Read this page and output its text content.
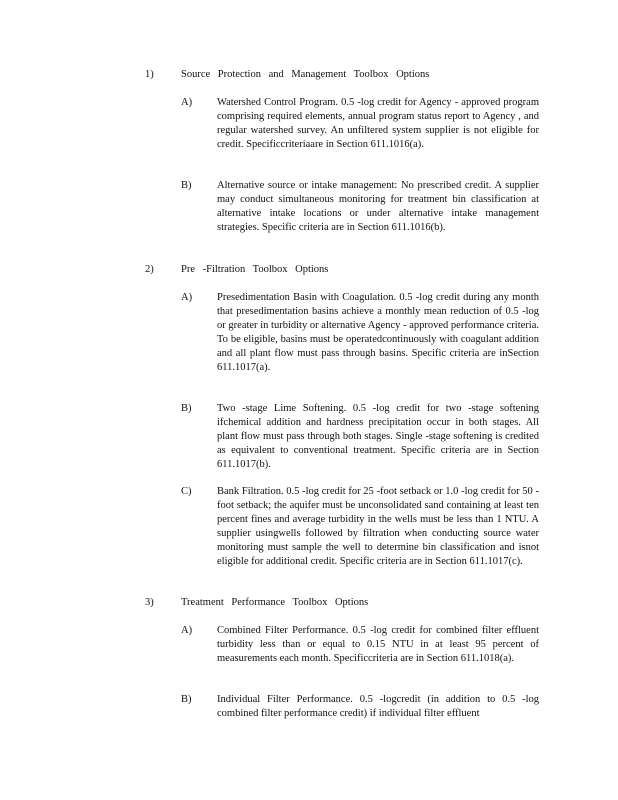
1)	Source Protection and Management Toolbox Options
A) Watershed Control Program. 0.5 -log credit for Agency - approved program comprising required elements, annual program status report to Agency , and regular watershed survey. An unfiltered system supplier is not eligible for credit. Specificcriteriaare in Section 611.1016(a).
B) Alternative source or intake management: No prescribed credit. A supplier may conduct simultaneous monitoring for treatment bin classification at alternative intake locations or under alternative intake management strategies. Specific criteria are in Section 611.1016(b).
2)	Pre -Filtration Toolbox Options
A) Presedimentation Basin with Coagulation. 0.5 -log credit during any month that presedimentation basins achieve a monthly mean reduction of 0.5 -log or greater in turbidity or alternative Agency - approved performance criteria. To be eligible, basins must be operatedcontinuously with coagulant addition and all plant flow must pass through basins. Specific criteria are inSection 611.1017(a).
B) Two -stage Lime Softening. 0.5 -log credit for two -stage softening ifchemical addition and hardness precipitation occur in both stages. All plant flow must pass through both stages. Single -stage softening is credited as equivalent to conventional treatment. Specific criteria are in Section 611.1017(b).
C) Bank Filtration. 0.5 -log credit for 25 -foot setback or 1.0 -log credit for 50 -foot setback; the aquifer must be unconsolidated sand containing at least ten percent fines and average turbidity in the wells must be less than 1 NTU. A supplier usingwells followed by filtration when conducting source water monitoring must sample the well to determine bin classification and isnot eligible for additional credit. Specific criteria are in Section 611.1017(c).
3)	Treatment Performance Toolbox Options
A) Combined Filter Performance. 0.5 -log credit for combined filter effluent turbidity less than or equal to 0.15 NTU in at least 95 percent of measurements each month. Specificcriteria are in Section 611.1018(a).
B) Individual Filter Performance. 0.5 -logcredit (in addition to 0.5 -log combined filter performance credit) if individual filter effluent
